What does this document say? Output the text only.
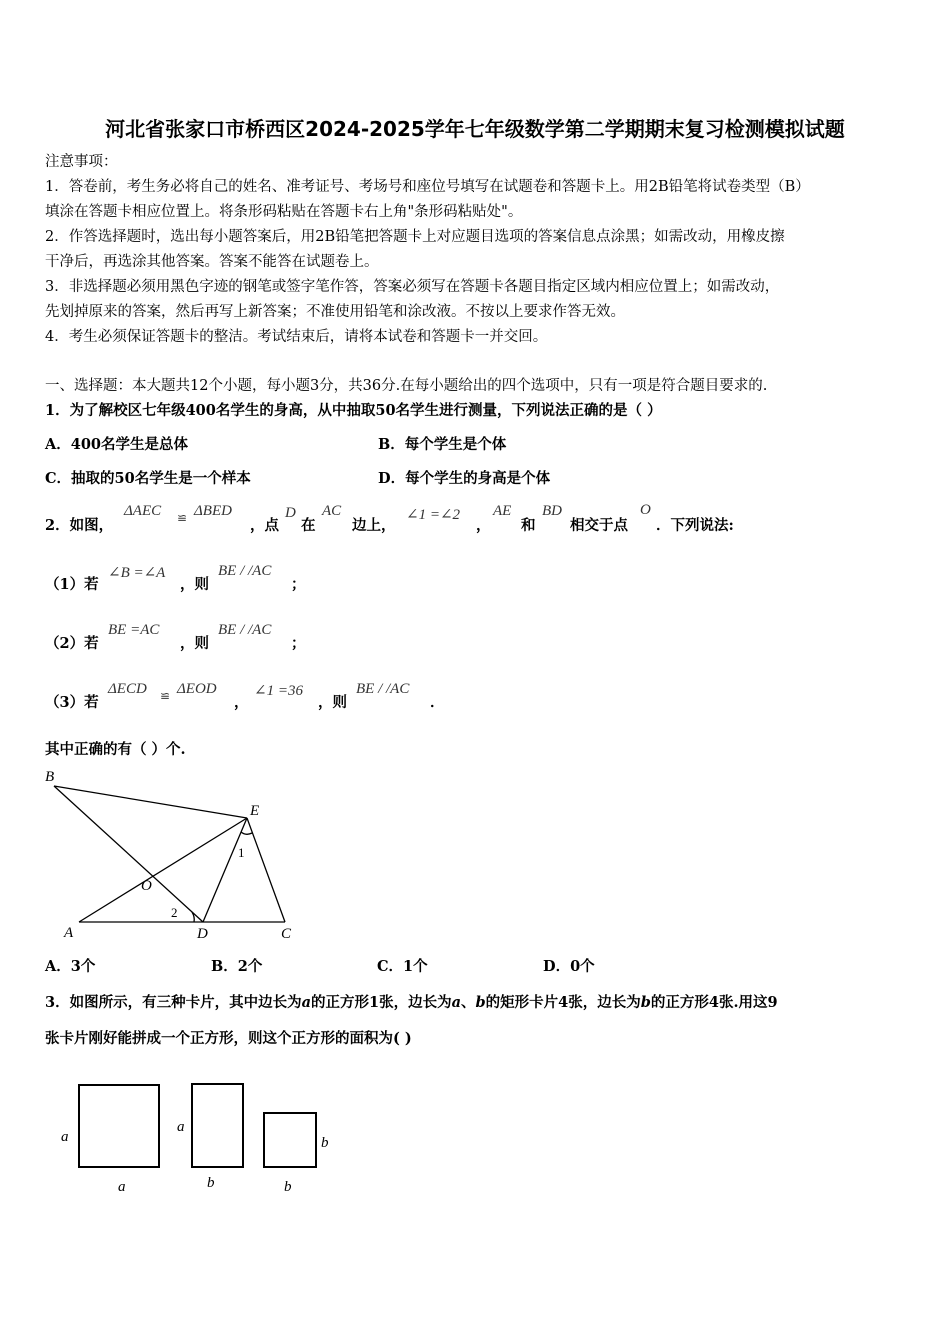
河北省张家口市桥西区2024-2025学年七年级数学第二学期期末复习检测模拟试题
注意事项：
1．答卷前，考生务必将自己的姓名、准考证号、考场号和座位号填写在试题卷和答题卡上。用2B铅笔将试卷类型（B）
填涂在答题卡相应位置上。将条形码粘贴在答题卡右上角"条形码粘贴处"。
2．作答选择题时，选出每小题答案后，用2B铅笔把答题卡上对应题目选项的答案信息点涂黑；如需改动，用橡皮擦
干净后，再选涂其他答案。答案不能答在试题卷上。
3．非选择题必须用黑色字迹的钢笔或签字笔作答，答案必须写在答题卡各题目指定区域内相应位置上；如需改动，
先划掉原来的答案，然后再写上新答案；不准使用铅笔和涂改液。不按以上要求作答无效。
4．考生必须保证答题卡的整洁。考试结束后，请将本试卷和答题卡一并交回。
一、选择题：本大题共12个小题，每小题3分，共36分.在每小题给出的四个选项中，只有一项是符合题目要求的.
1．为了解校区七年级400名学生的身高，从中抽取50名学生进行测量，下列说法正确的是（ ）
A．400名学生是总体	B．每个学生是个体
C．抽取的50名学生是一个样本	D．每个学生的身高是个体
2．如图，
ΔAEC ≌ ΔBED
，点
D
在
AC
边上，
∠1 =∠2
，
AE
和
BD
相交于点
O
．下列说法:
（1）若
∠B =∠A
，则
BE / /AC
；
（2）若
BE =AC
，则
BE / /AC
；
（3）若
ΔECD ≌ ΔEOD
，
∠1 =36
，则
BE / /AC
．
其中正确的有（ ）个.
B
E
1
O
2
A	D	C
A．3个	B．2个	C．1个	D．0个
3．如图所示，有三种卡片，其中边长为a的正方形1张，边长为a、b的矩形卡片4张，边长为b的正方形4张.用这9
张卡片刚好能拼成一个正方形，则这个正方形的面积为( )
a
a
a
b
b
b
